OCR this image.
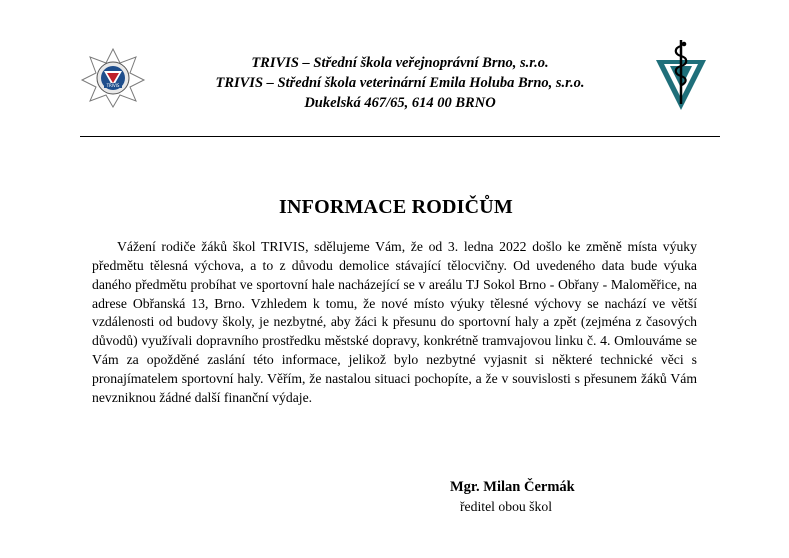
TRIVIS
TRIVIS – Střední škola veřejnoprávní Brno, s.r.o.
TRIVIS – Střední škola veterinární Emila Holuba Brno, s.r.o.
Dukelská 467/65, 614 00 BRNO
INFORMACE RODIČŮM

Vážení rodiče žáků škol TRIVIS, sdělujeme Vám, že od 3. ledna 2022 došlo ke změně místa výuky předmětu tělesná výchova, a to z důvodu demolice stávající tělocvičny. Od uvedeného data bude výuka daného předmětu probíhat ve sportovní hale nacházející se v areálu TJ Sokol Brno - Obřany - Maloměřice, na adrese Obřanská 13, Brno. Vzhledem k tomu, že nové místo výuky tělesné výchovy se nachází ve větší vzdálenosti od budovy školy, je nezbytné, aby žáci k přesunu do sportovní haly a zpět (zejména z časových důvodů) využívali dopravního prostředku městské dopravy, konkrétně tramvajovou linku č. 4. Omlouváme se Vám za opožděné zaslání této informace, jelikož bylo nezbytné vyjasnit si některé technické věci s pronajímatelem sportovní haly. Věřím, že nastalou situaci pochopíte, a že v souvislosti s přesunem žáků Vám nevzniknou žádné další finanční výdaje.

Mgr. Milan Čermák
ředitel obou škol
